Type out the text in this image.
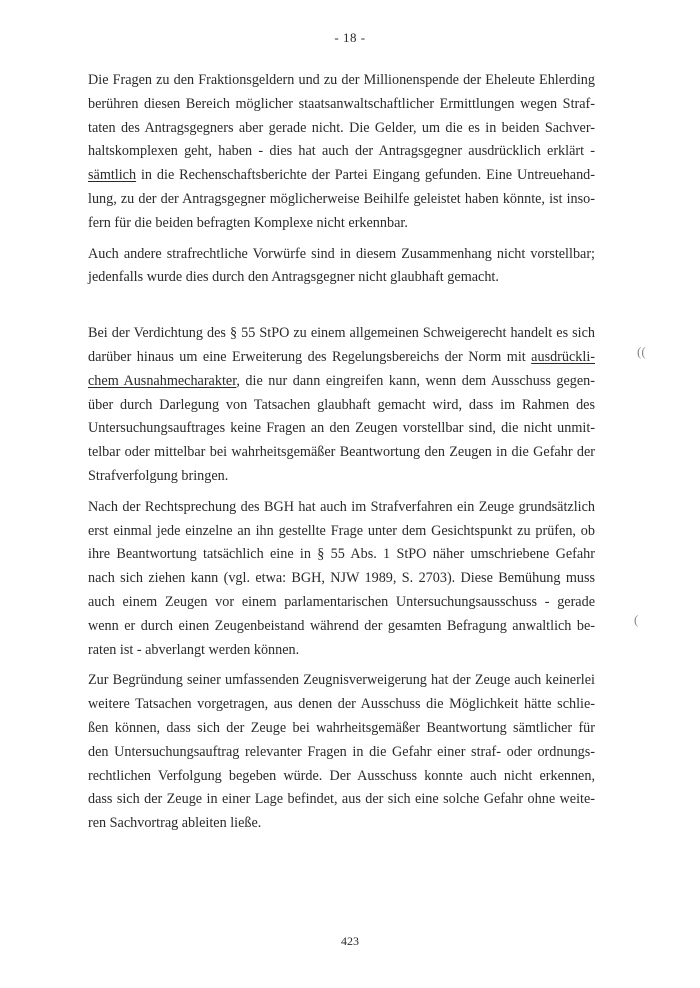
- 18 -
Die Fragen zu den Fraktionsgeldern und zu der Millionenspende der Eheleute Ehlerding
berühren diesen Bereich möglicher staatsanwaltschaftlicher Ermittlungen wegen Straf-
taten des Antragsgegners aber gerade nicht. Die Gelder, um die es in beiden Sachver-
haltskomplexen geht, haben - dies hat auch der Antragsgegner ausdrücklich erklärt -
sämtlich in die Rechenschaftsberichte der Partei Eingang gefunden. Eine Untreuehand-
lung, zu der der Antragsgegner möglicherweise Beihilfe geleistet haben könnte, ist inso-
fern für die beiden befragten Komplexe nicht erkennbar.
Auch andere strafrechtliche Vorwürfe sind in diesem Zusammenhang nicht vorstellbar;
jedenfalls wurde dies durch den Antragsgegner nicht glaubhaft gemacht.
Bei der Verdichtung des § 55 StPO zu einem allgemeinen Schweigerecht handelt es sich
darüber hinaus um eine Erweiterung des Regelungsbereichs der Norm mit ausdrückli-
chem Ausnahmecharakter, die nur dann eingreifen kann, wenn dem Ausschuss gegen-
über durch Darlegung von Tatsachen glaubhaft gemacht wird, dass im Rahmen des
Untersuchungsauftrages keine Fragen an den Zeugen vorstellbar sind, die nicht unmit-
telbar oder mittelbar bei wahrheitsgemäßer Beantwortung den Zeugen in die Gefahr der
Strafverfolgung bringen.
Nach der Rechtsprechung des BGH hat auch im Strafverfahren ein Zeuge grundsätzlich
erst einmal jede einzelne an ihn gestellte Frage unter dem Gesichtspunkt zu prüfen, ob
ihre Beantwortung tatsächlich eine in § 55 Abs. 1 StPO näher umschriebene Gefahr
nach sich ziehen kann (vgl. etwa: BGH, NJW 1989, S. 2703). Diese Bemühung muss
auch einem Zeugen vor einem parlamentarischen Untersuchungsausschuss - gerade
wenn er durch einen Zeugenbeistand während der gesamten Befragung anwaltlich be-
raten ist - abverlangt werden können.
Zur Begründung seiner umfassenden Zeugnisverweigerung hat der Zeuge auch keinerlei
weitere Tatsachen vorgetragen, aus denen der Ausschuss die Möglichkeit hätte schlie-
ßen können, dass sich der Zeuge bei wahrheitsgemäßer Beantwortung sämtlicher für
den Untersuchungsauftrag relevanter Fragen in die Gefahr einer straf- oder ordnungs-
rechtlichen Verfolgung begeben würde. Der Ausschuss konnte auch nicht erkennen,
dass sich der Zeuge in einer Lage befindet, aus der sich eine solche Gefahr ohne weite-
ren Sachvortrag ableiten ließe.
((
(
423
